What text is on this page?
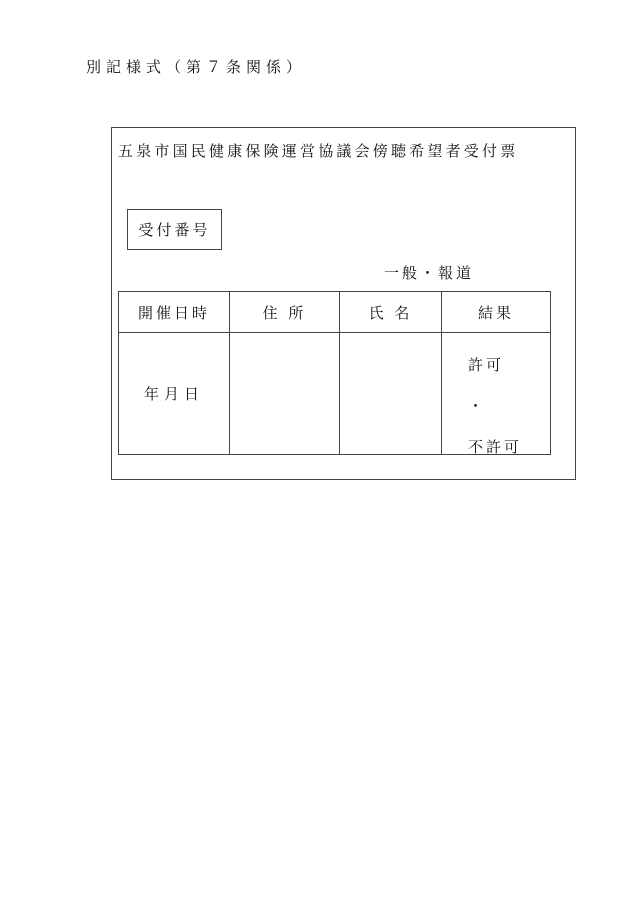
別記様式（第７条関係）
五泉市国民健康保険運営協議会傍聴希望者受付票
受付番号
一般・報道
開催日時	住 所	氏 名	結果
年月日			許可
・
不許可
